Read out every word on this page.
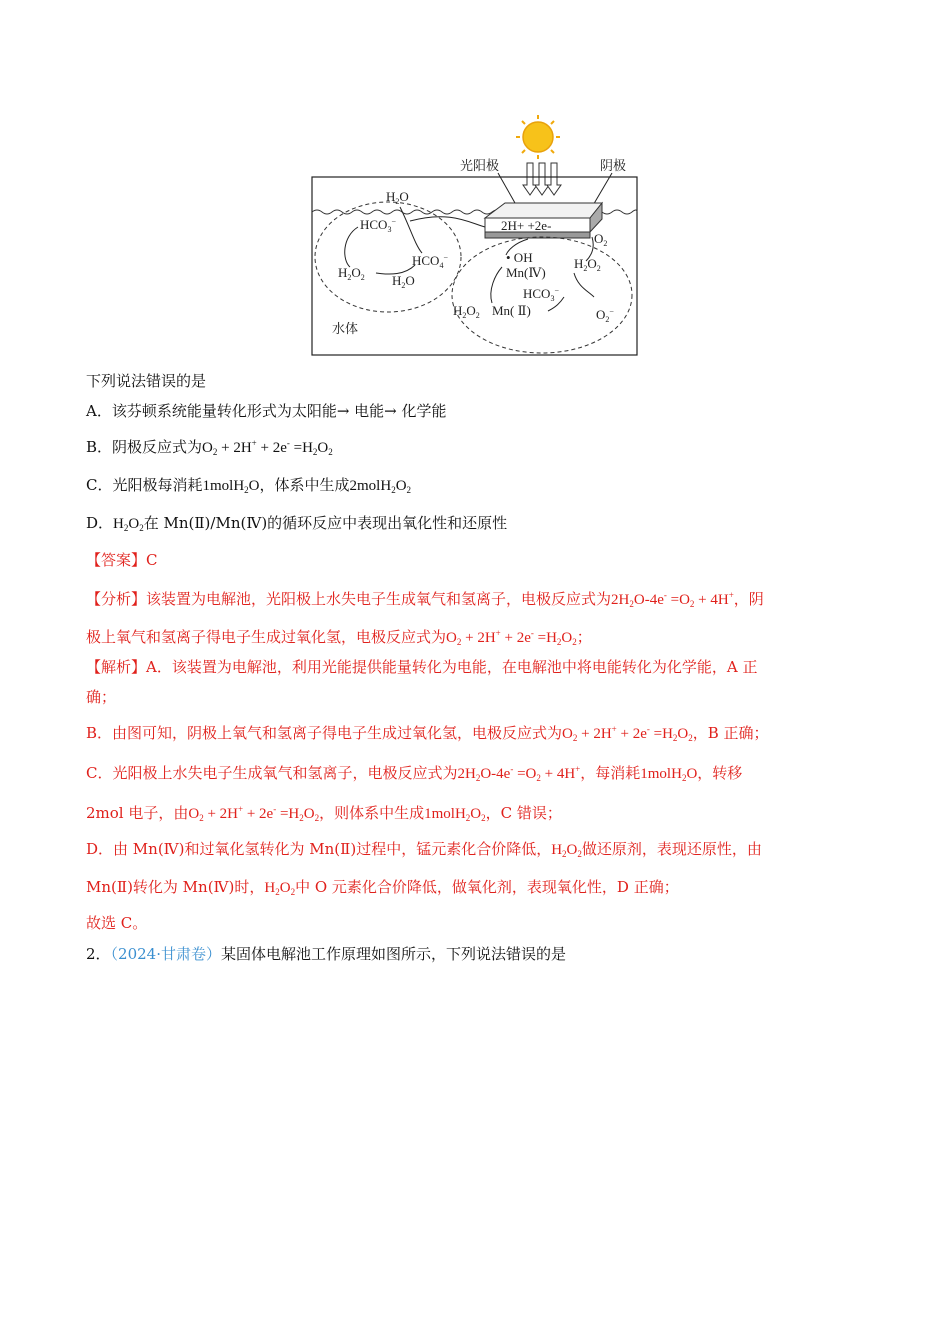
光阳极	阴极
2H+ +2e-
$H_2O$
$HCO_3^-$
$HCO_4^-$
$H_2O_2$ $H_2O$
$O_2$
• OH
Mn(Ⅳ)
$H_2O_2$
$HCO_3^-$
$H_2O_2$ Mn( Ⅱ)	$O_2^-$
水体
下列说法错误的是
A．该芬顿系统能量转化形式为太阳能→ 电能→ 化学能
B．阴极反应式为$O_2 + 2H^+ + 2e^- =H_2O_2$
C．光阳极每消耗1molH$_2$O，体系中生成$2molH_2O_2$
D．$H_2O_2$在 Mn(Ⅱ)/Mn(Ⅳ)的循环反应中表现出氧化性和还原性
【答案】C
【分析】该装置为电解池，光阳极上水失电子生成氧气和氢离子，电极反应式为$2H_2O-4e^- =O_2 + 4H^+$，阴
极上氧气和氢离子得电子生成过氧化氢，电极反应式为$O_2 + 2H^+ + 2e^- =H_2O_2$；
【解析】A．该装置为电解池，利用光能提供能量转化为电能，在电解池中将电能转化为化学能，A 正
确；
B．由图可知，阴极上氧气和氢离子得电子生成过氧化氢，电极反应式为$O_2 + 2H^+ + 2e^- =H_2O_2$，B 正确；
C．光阳极上水失电子生成氧气和氢离子，电极反应式为$2H_2O-4e^- =O_2 + 4H^+$，每消耗1molH$_2$O，转移
2mol 电子，由$O_2 + 2H^+ + 2e^- =H_2O_2$，则体系中生成$1molH_2O_2$，C 错误；
D．由 Mn(Ⅳ)和过氧化氢转化为 Mn(Ⅱ)过程中，锰元素化合价降低，$H_2O_2$做还原剂，表现还原性，由
Mn(Ⅱ)转化为 Mn(Ⅳ)时，$H_2O_2$中 O 元素化合价降低，做氧化剂，表现氧化性，D 正确；
故选 C。
2．（2024·甘肃卷）某固体电解池工作原理如图所示，下列说法错误的是
